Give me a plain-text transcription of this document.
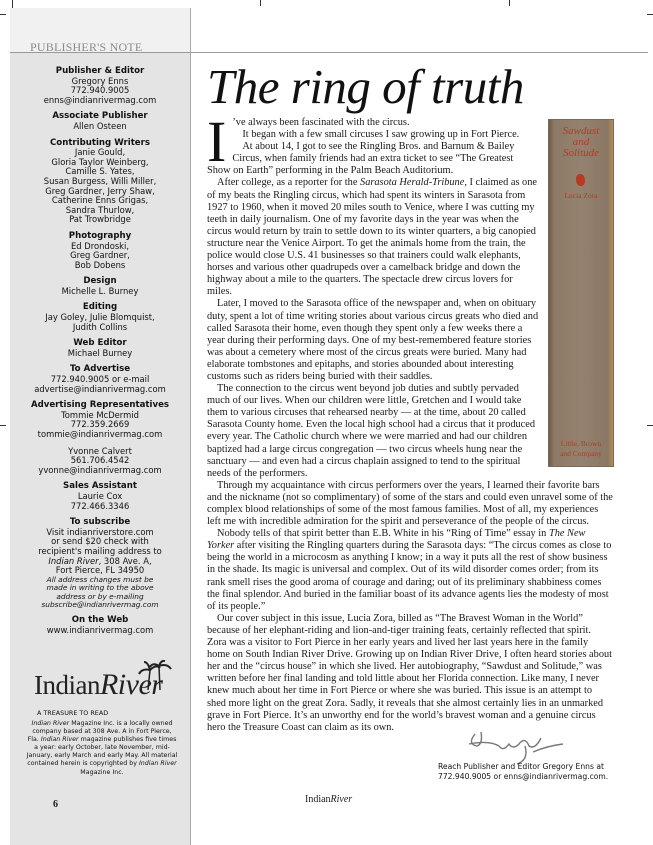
PUBLISHER'S NOTE
Publisher & Editor
Gregory Enns
772.940.9005
enns@indianrivermag.com
Associate Publisher
Allen Osteen
Contributing Writers
Janie Gould,
Gloria Taylor Weinberg,
Camille S. Yates,
Susan Burgess, Willi Miller,
Greg Gardner, Jerry Shaw,
Catherine Enns Grigas,
Sandra Thurlow,
Pat Trowbridge
Photography
Ed Drondoski,
Greg Gardner,
Bob Dobens
Design
Michelle L. Burney
Editing
Jay Goley, Julie Blomquist,
Judith Collins
Web Editor
Michael Burney
To Advertise
772.940.9005 or e-mail
advertise@indianrivermag.com
Advertising Representatives
Tommie McDermid
772.359.2669
tommie@indianrivermag.com
Yvonne Calvert
561.706.4542
yvonne@indianrivermag.com
Sales Assistant
Laurie Cox
772.466.3346
To subscribe
Visit indianriverstore.com
or send $20 check with
recipient's mailing address to
Indian River, 308 Ave. A,
Fort Pierce, FL 34950
All address changes must be
made in writing to the above
address or by e-mailing
subscribe@indianrivermag.com
On the Web
www.indianrivermag.com
IndianRiver
A TREASURE TO READ
Indian River Magazine Inc. is a locally owned company based at 308 Ave. A in Fort Pierce, Fla. Indian River magazine publishes five times a year: early October, late November, mid-January, early March and early May. All material contained herein is copyrighted by Indian River Magazine Inc.
6
The ring of truth
Sawdust
and
Solitude
Lucia Zora
Little, Brown
and Company
I ’ve always been fascinated with the circus.

It began with a few small circuses I saw growing up in Fort Pierce.

At about 14, I got to see the Ringling Bros. and Barnum & Bailey Circus, when family friends had an extra ticket to see “The Greatest Show on Earth” performing in the Palm Beach Auditorium.

After college, as a reporter for the Sarasota Herald-Tribune, I claimed as one of my beats the Ringling circus, which had spent its winters in Sarasota from 1927 to 1960, when it moved 20 miles south to Venice, where I was cutting my teeth in daily journalism. One of my favorite days in the year was when the circus would return by train to settle down to its winter quarters, a big canopied structure near the Venice Airport. To get the animals home from the train, the police would close U.S. 41 businesses so that trainers could walk elephants, horses and various other quadrupeds over a camelback bridge and down the highway about a mile to the quarters. The spectacle drew circus lovers for miles.

Later, I moved to the Sarasota office of the newspaper and, when on obituary duty, spent a lot of time writing stories about various circus greats who died and called Sarasota their home, even though they spent only a few weeks there a year during their performing days. One of my best-remembered feature stories was about a cemetery where most of the circus greats were buried. Many had elaborate tombstones and epitaphs, and stories abounded about interesting customs such as riders being buried with their saddles.

The connection to the circus went beyond job duties and subtly pervaded much of our lives. When our children were little, Gretchen and I would take them to various circuses that rehearsed nearby — at the time, about 20 called Sarasota County home. Even the local high school had a circus that it produced every year. The Catholic church where we were married and had our children baptized had a large circus congregation — two circus wheels hung near the sanctuary — and even had a circus chaplain assigned to tend to the spiritual needs of the performers.

Through my acquaintance with circus performers over the years, I learned their favorite bars and the nickname (not so complimentary) of some of the stars and could even unravel some of the complex blood relationships of some of the most famous families. Most of all, my experiences left me with incredible admiration for the spirit and perseverance of the people of the circus.

Nobody tells of that spirit better than E.B. White in his “Ring of Time” essay in The New Yorker after visiting the Ringling quarters during the Sarasota days: “The circus comes as close to being the world in a microcosm as anything I know; in a way it puts all the rest of show business in the shade. Its magic is universal and complex. Out of its wild disorder comes order; from its rank smell rises the good aroma of courage and daring; out of its preliminary shabbiness comes the final splendor. And buried in the familiar boast of its advance agents lies the modesty of most of its people.”

Our cover subject in this issue, Lucia Zora, billed as “The Bravest Woman in the World” because of her elephant-riding and lion-and-tiger training feats, certainly reflected that spirit. Zora was a visitor to Fort Pierce in her early years and lived her last years here in the family home on South Indian River Drive. Growing up on Indian River Drive, I often heard stories about her and the “circus house” in which she lived. Her autobiography, “Sawdust and Solitude,” was written before her final landing and told little about her Florida connection. Like many, I never knew much about her time in Fort Pierce or where she was buried. This issue is an attempt to shed more light on the great Zora. Sadly, it reveals that she almost certainly lies in an unmarked grave in Fort Pierce. It’s an unworthy end for the world’s bravest woman and a genuine circus hero the Treasure Coast can claim as its own.

Reach Publisher and Editor Gregory Enns at
772.940.9005 or enns@indianrivermag.com.
IndianRiver
